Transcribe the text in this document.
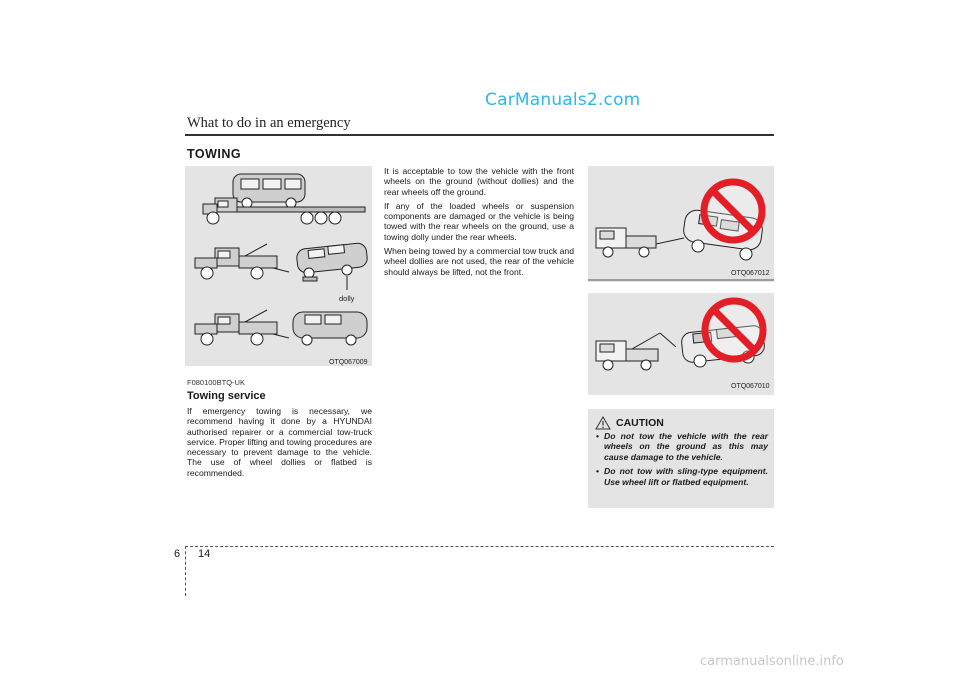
CarManuals2.com
What to do in an emergency
TOWING
dolly
OTQ067009
F080100BTQ-UK
Towing service

If emergency towing is necessary, we recommend having it done by a HYUNDAI authorised repairer or a commercial tow-truck service. Proper lifting and towing procedures are necessary to prevent damage to the vehicle. The use of wheel dollies or flatbed is recommended.

It is acceptable to tow the vehicle with the front wheels on the ground (without dollies) and the rear wheels off the ground.

If any of the loaded wheels or suspension components are damaged or the vehicle is being towed with the rear wheels on the ground, use a towing dolly under the rear wheels.

When being towed by a commercial tow truck and wheel dollies are not used, the rear of the vehicle should always be lifted, not the front.	OTQ067012
OTQ067010
CAUTION
• Do not tow the vehicle with the rear wheels on the ground as this may cause damage to the vehicle.
• Do not tow with sling-type equipment. Use wheel lift or flatbed equipment.
6 14
carmanualsonline.info
